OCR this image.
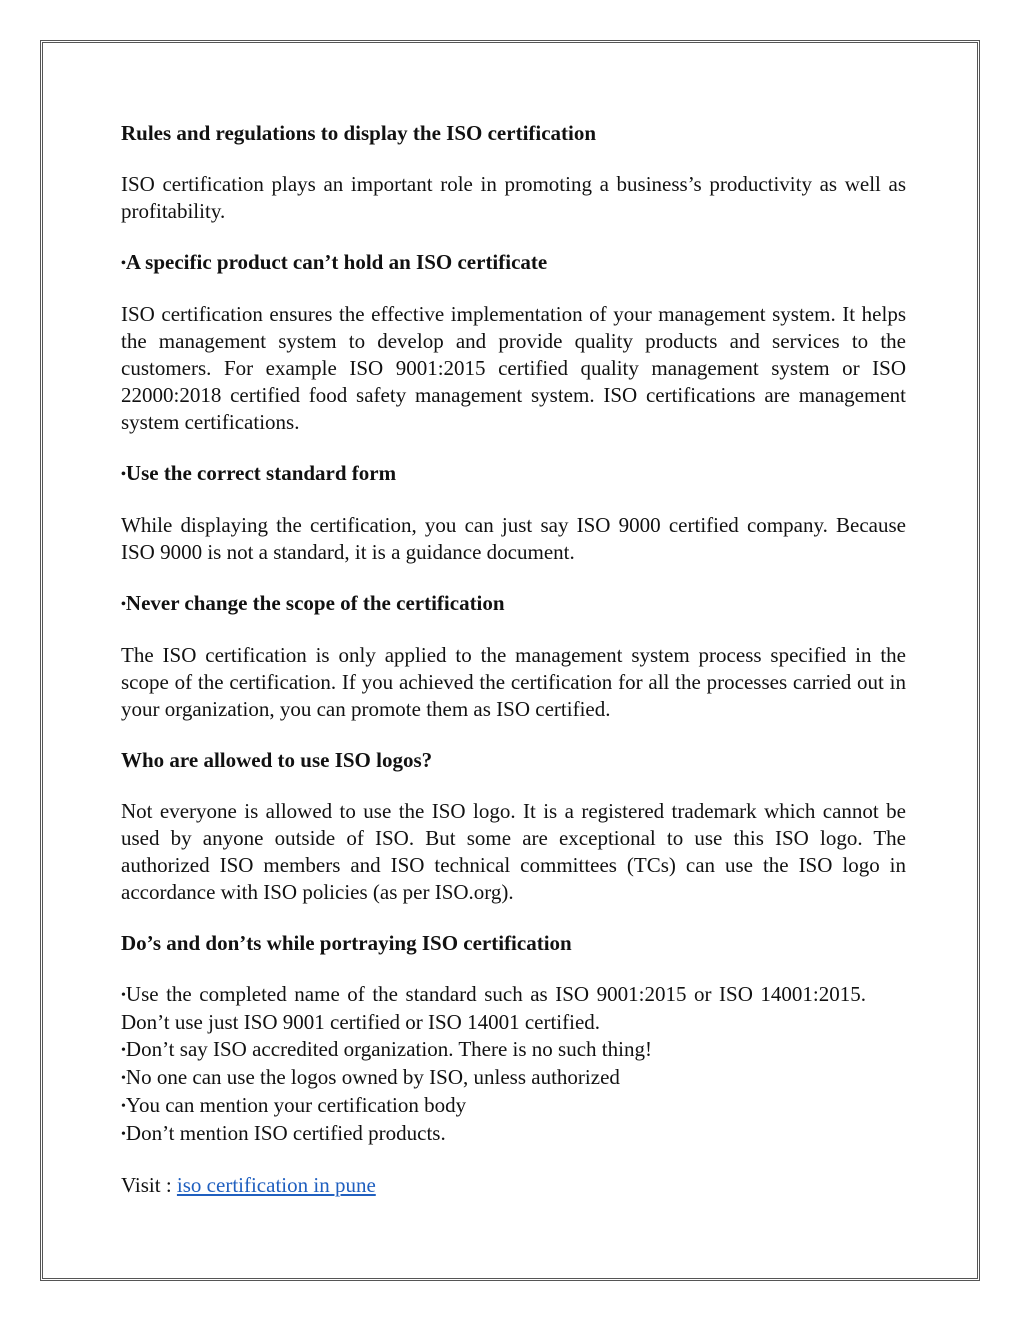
Rules and regulations to display the ISO certification

ISO certification plays an important role in promoting a business’s productivity as well as profitability.

•A specific product can’t hold an ISO certificate

ISO certification ensures the effective implementation of your management system. It helps the management system to develop and provide quality products and services to the customers. For example ISO 9001:2015 certified quality management system or ISO 22000:2018 certified food safety management system. ISO certifications are management system certifications.

•Use the correct standard form

While displaying the certification, you can just say ISO 9000 certified company. Because ISO 9000 is not a standard, it is a guidance document.

•Never change the scope of the certification

The ISO certification is only applied to the management system process specified in the scope of the certification. If you achieved the certification for all the processes carried out in your organization, you can promote them as ISO certified.

Who are allowed to use ISO logos?

Not everyone is allowed to use the ISO logo. It is a registered trademark which cannot be used by anyone outside of ISO. But some are exceptional to use this ISO logo. The authorized ISO members and ISO technical committees (TCs) can use the ISO logo in accordance with ISO policies (as per ISO.org).

Do’s and don’ts while portraying ISO certification

•Use the completed name of the standard such as ISO 9001:2015 or ISO 14001:2015. Don’t use just ISO 9001 certified or ISO 14001 certified.

•Don’t say ISO accredited organization. There is no such thing!

•No one can use the logos owned by ISO, unless authorized

•You can mention your certification body

•Don’t mention ISO certified products.

Visit : iso certification in pune
